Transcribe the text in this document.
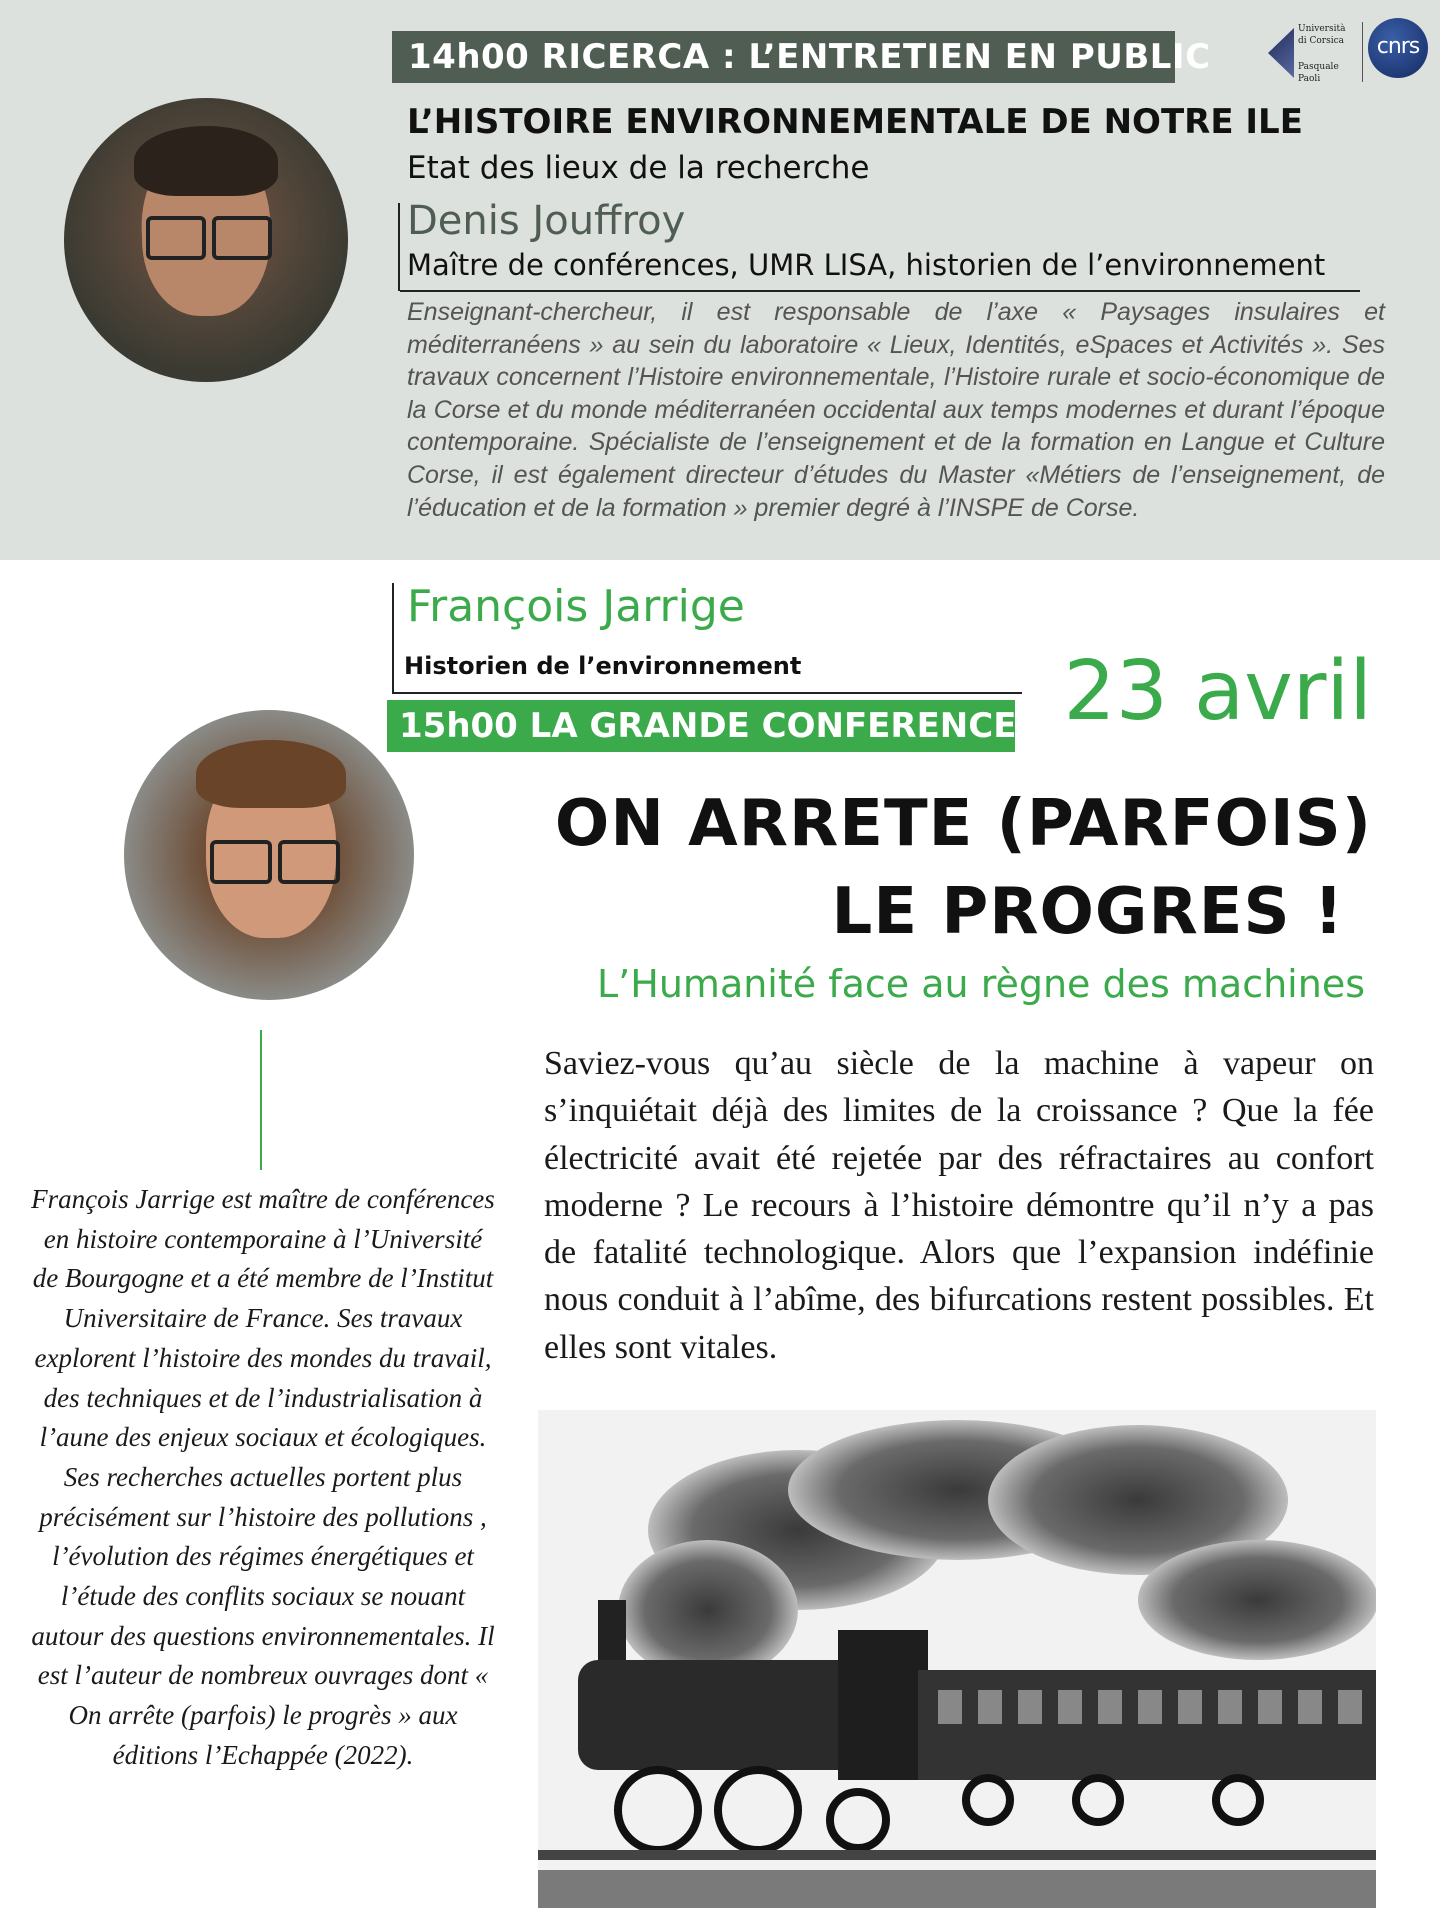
14h00 RICERCA : L’ENTRETIEN EN PUBLIC
Università
di Corsica
Pasquale
Paoli
cnrs
L’HISTOIRE ENVIRONNEMENTALE DE NOTRE ILE
Etat des lieux de la recherche
Denis Jouffroy
Maître de conférences, UMR LISA, historien de l’environnement
Enseignant-chercheur, il est responsable de l’axe « Paysages insulaires et méditerranéens » au sein du laboratoire « Lieux, Identités, eSpaces et Activités ». Ses travaux concernent l’Histoire environnementale, l’Histoire rurale et socio-économique de la Corse et du monde méditerranéen occidental aux temps modernes et durant l’époque contemporaine. Spécialiste de l’enseignement et de la formation en Langue et Culture Corse, il est également directeur d’études du Master «Métiers de l’enseignement, de l’éducation et de la formation » premier degré à l’INSPE de Corse.
François Jarrige
Historien de l’environnement
15h00 LA GRANDE CONFERENCE 23 avril
ON ARRETE (PARFOIS)
LE PROGRES !
L’Humanité face au règne des machines
Saviez-vous qu’au siècle de la machine à vapeur on s’inquiétait déjà des limites de la croissance ? Que la fée électricité avait été rejetée par des réfractaires au confort moderne ? Le recours à l’histoire démontre qu’il n’y a pas de fatalité technologique. Alors que l’expansion indéfinie nous conduit à l’abîme, des bifurcations restent possibles. Et elles sont vitales.
François Jarrige est maître de conférences en histoire contemporaine à l’Université de Bourgogne et a été membre de l’Institut Universitaire de France. Ses travaux explorent l’histoire des mondes du travail, des techniques et de l’industrialisation à l’aune des enjeux sociaux et écologiques. Ses recherches actuelles portent plus précisément sur l’histoire des pollutions , l’évolution des régimes énergétiques et l’étude des conflits sociaux se nouant autour des questions environnementales. Il est l’auteur de nombreux ouvrages dont « On arrête (parfois) le progrès » aux éditions l’Echappée (2022).
